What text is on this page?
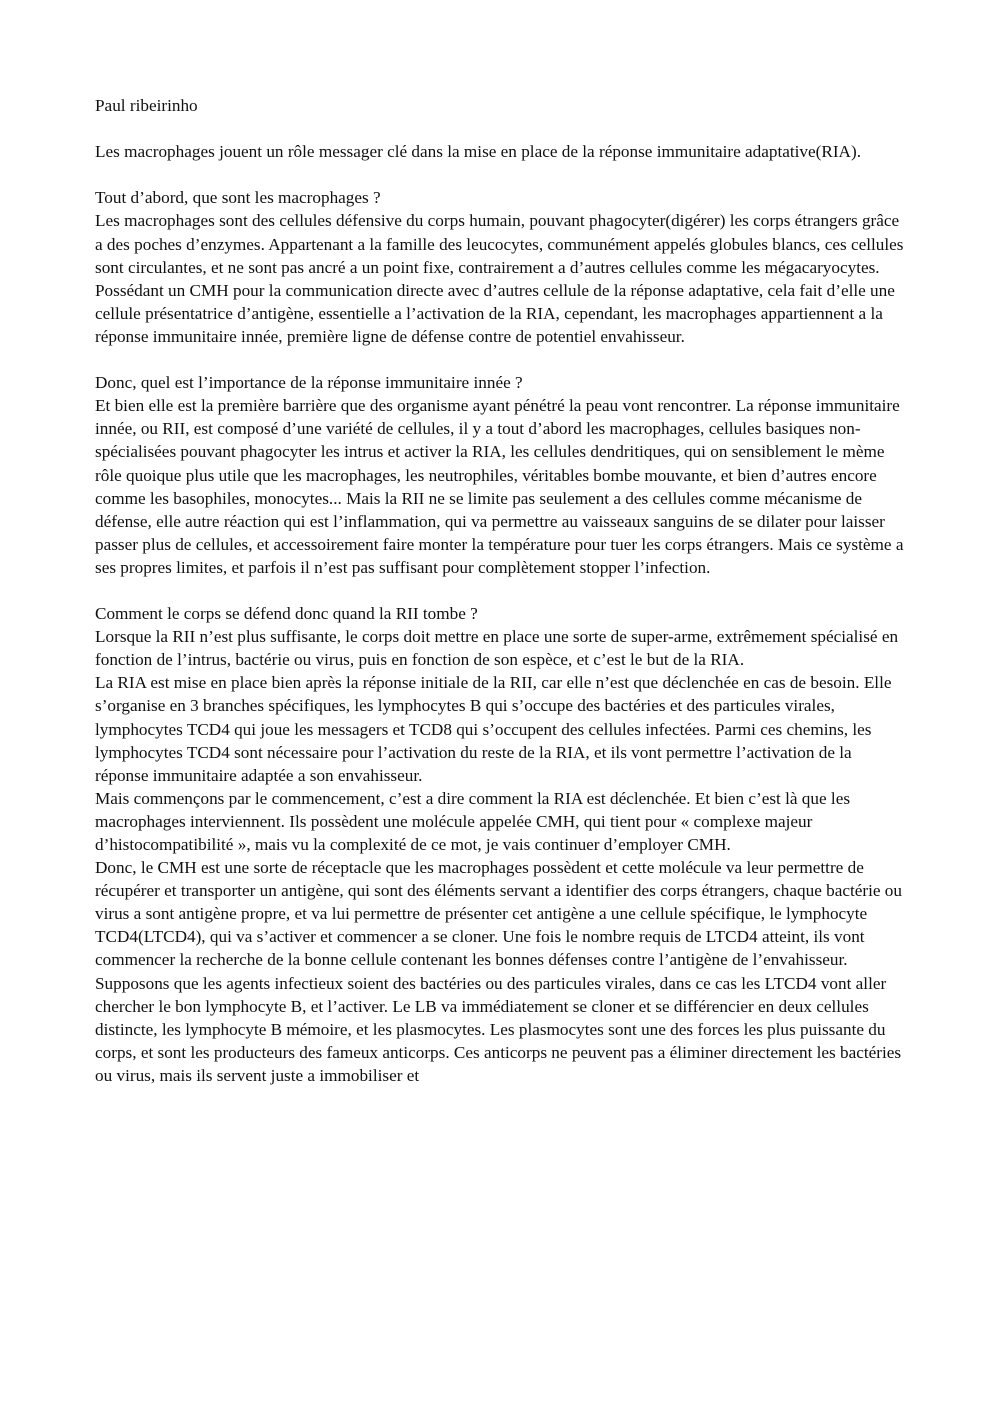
Paul ribeirinho

Les macrophages jouent un rôle messager clé dans la mise en place de la réponse immunitaire adaptative(RIA).

Tout d’abord, que sont les macrophages ?

Les macrophages sont des cellules défensive du corps humain, pouvant phagocyter(digérer) les corps étrangers grâce a des poches d’enzymes. Appartenant a la famille des leucocytes, communément appelés globules blancs, ces cellules sont circulantes, et ne sont pas ancré a un point fixe, contrairement a d’autres cellules comme les mégacaryocytes. Possédant un CMH pour la communication directe avec d’autres cellule de la réponse adaptative, cela fait d’elle une cellule présentatrice d’antigène, essentielle a l’activation de la RIA, cependant, les macrophages appartiennent a la réponse immunitaire innée, première ligne de défense contre de potentiel envahisseur.

Donc, quel est l’importance de la réponse immunitaire innée ?

Et bien elle est la première barrière que des organisme ayant pénétré la peau vont rencontrer. La réponse immunitaire innée, ou RII, est composé d’une variété de cellules, il y a tout d’abord les macrophages, cellules basiques non-spécialisées pouvant phagocyter les intrus et activer la RIA, les cellules dendritiques, qui on sensiblement le mème rôle quoique plus utile que les macrophages, les neutrophiles, véritables bombe mouvante, et bien d’autres encore comme les basophiles, monocytes... Mais la RII ne se limite pas seulement a des cellules comme mécanisme de défense, elle autre réaction qui est l’inflammation, qui va permettre au vaisseaux sanguins de se dilater pour laisser passer plus de cellules, et accessoirement faire monter la température pour tuer les corps étrangers. Mais ce système a ses propres limites, et parfois il n’est pas suffisant pour complètement stopper l’infection.

Comment le corps se défend donc quand la RII tombe ?

Lorsque la RII n’est plus suffisante, le corps doit mettre en place une sorte de super-arme, extrêmement spécialisé en fonction de l’intrus, bactérie ou virus, puis en fonction de son espèce, et c’est le but de la RIA.

La RIA est mise en place bien après la réponse initiale de la RII, car elle n’est que déclenchée en cas de besoin. Elle s’organise en 3 branches spécifiques, les lymphocytes B qui s’occupe des bactéries et des particules virales, lymphocytes TCD4 qui joue les messagers et TCD8 qui s’occupent des cellules infectées. Parmi ces chemins, les lymphocytes TCD4 sont nécessaire pour l’activation du reste de la RIA, et ils vont permettre l’activation de la réponse immunitaire adaptée a son envahisseur.

Mais commençons par le commencement, c’est a dire comment la RIA est déclenchée. Et bien c’est là que les macrophages interviennent. Ils possèdent une molécule appelée CMH, qui tient pour « complexe majeur d’histocompatibilité », mais vu la complexité de ce mot, je vais continuer d’employer CMH.

Donc, le CMH est une sorte de réceptacle que les macrophages possèdent et cette molécule va leur permettre de récupérer et transporter un antigène, qui sont des éléments servant a identifier des corps étrangers, chaque bactérie ou virus a sont antigène propre, et va lui permettre de présenter cet antigène a une cellule spécifique, le lymphocyte TCD4(LTCD4), qui va s’activer et commencer a se cloner. Une fois le nombre requis de LTCD4 atteint, ils vont commencer la recherche de la bonne cellule contenant les bonnes défenses contre l’antigène de l’envahisseur. Supposons que les agents infectieux soient des bactéries ou des particules virales, dans ce cas les LTCD4 vont aller chercher le bon lymphocyte B, et l’activer. Le LB va immédiatement se cloner et se différencier en deux cellules distincte, les lymphocyte B mémoire, et les plasmocytes. Les plasmocytes sont une des forces les plus puissante du corps, et sont les producteurs des fameux anticorps. Ces anticorps ne peuvent pas a éliminer directement les bactéries ou virus, mais ils servent juste a immobiliser et
